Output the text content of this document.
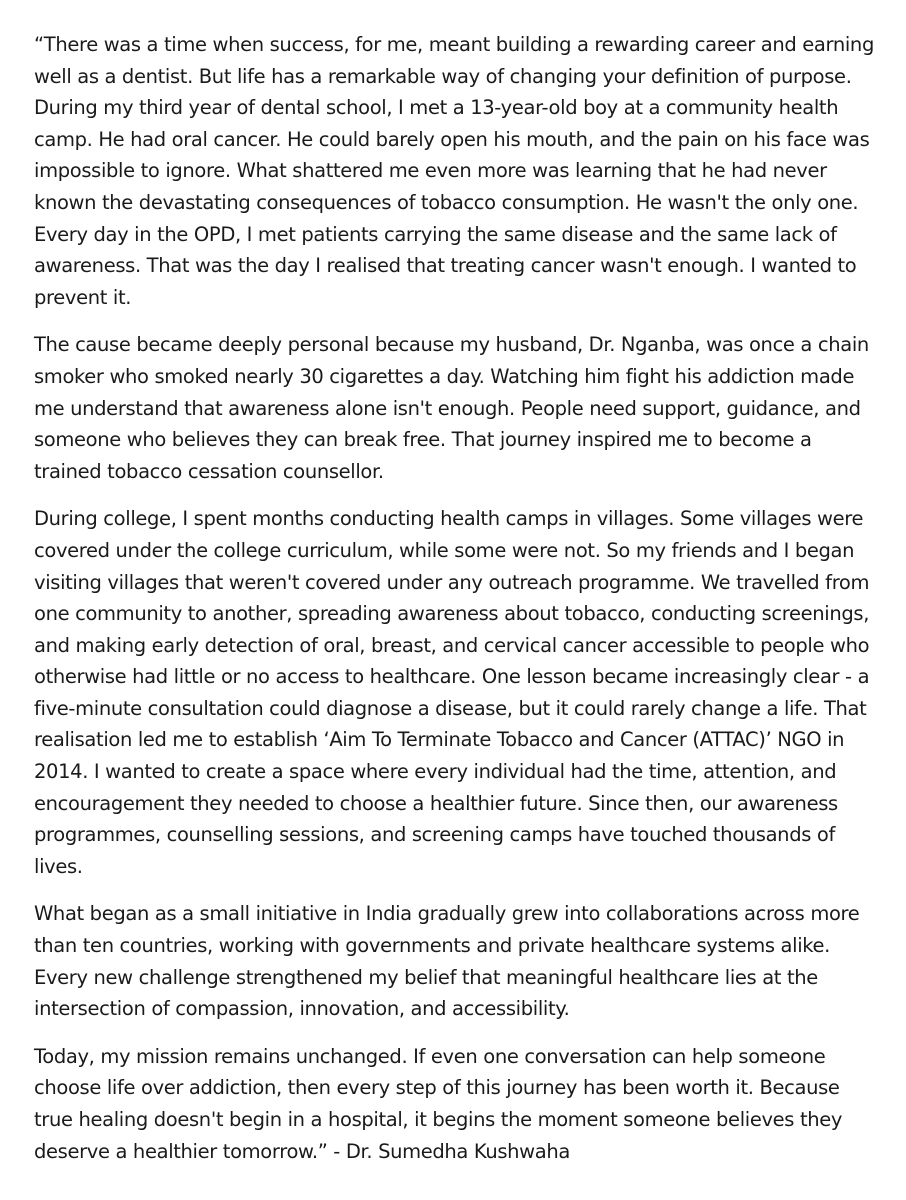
“There was a time when success, for me, meant building a rewarding career and earning well as a dentist. But life has a remarkable way of changing your definition of purpose. During my third year of dental school, I met a 13-year-old boy at a community health camp. He had oral cancer. He could barely open his mouth, and the pain on his face was impossible to ignore. What shattered me even more was learning that he had never known the devastating consequences of tobacco consumption. He wasn't the only one. Every day in the OPD, I met patients carrying the same disease and the same lack of awareness. That was the day I realised that treating cancer wasn't enough. I wanted to prevent it.

The cause became deeply personal because my husband, Dr. Nganba, was once a chain smoker who smoked nearly 30 cigarettes a day. Watching him fight his addiction made me understand that awareness alone isn't enough. People need support, guidance, and someone who believes they can break free. That journey inspired me to become a trained tobacco cessation counsellor.

During college, I spent months conducting health camps in villages. Some villages were covered under the college curriculum, while some were not. So my friends and I began visiting villages that weren't covered under any outreach programme. We travelled from one community to another, spreading awareness about tobacco, conducting screenings, and making early detection of oral, breast, and cervical cancer accessible to people who otherwise had little or no access to healthcare. One lesson became increasingly clear - a five-minute consultation could diagnose a disease, but it could rarely change a life. That realisation led me to establish ‘Aim To Terminate Tobacco and Cancer (ATTAC)’ NGO in 2014. I wanted to create a space where every individual had the time, attention, and encouragement they needed to choose a healthier future. Since then, our awareness programmes, counselling sessions, and screening camps have touched thousands of lives.

What began as a small initiative in India gradually grew into collaborations across more than ten countries, working with governments and private healthcare systems alike. Every new challenge strengthened my belief that meaningful healthcare lies at the intersection of compassion, innovation, and accessibility.

Today, my mission remains unchanged. If even one conversation can help someone choose life over addiction, then every step of this journey has been worth it. Because true healing doesn't begin in a hospital, it begins the moment someone believes they deserve a healthier tomorrow.” - Dr. Sumedha Kushwaha
